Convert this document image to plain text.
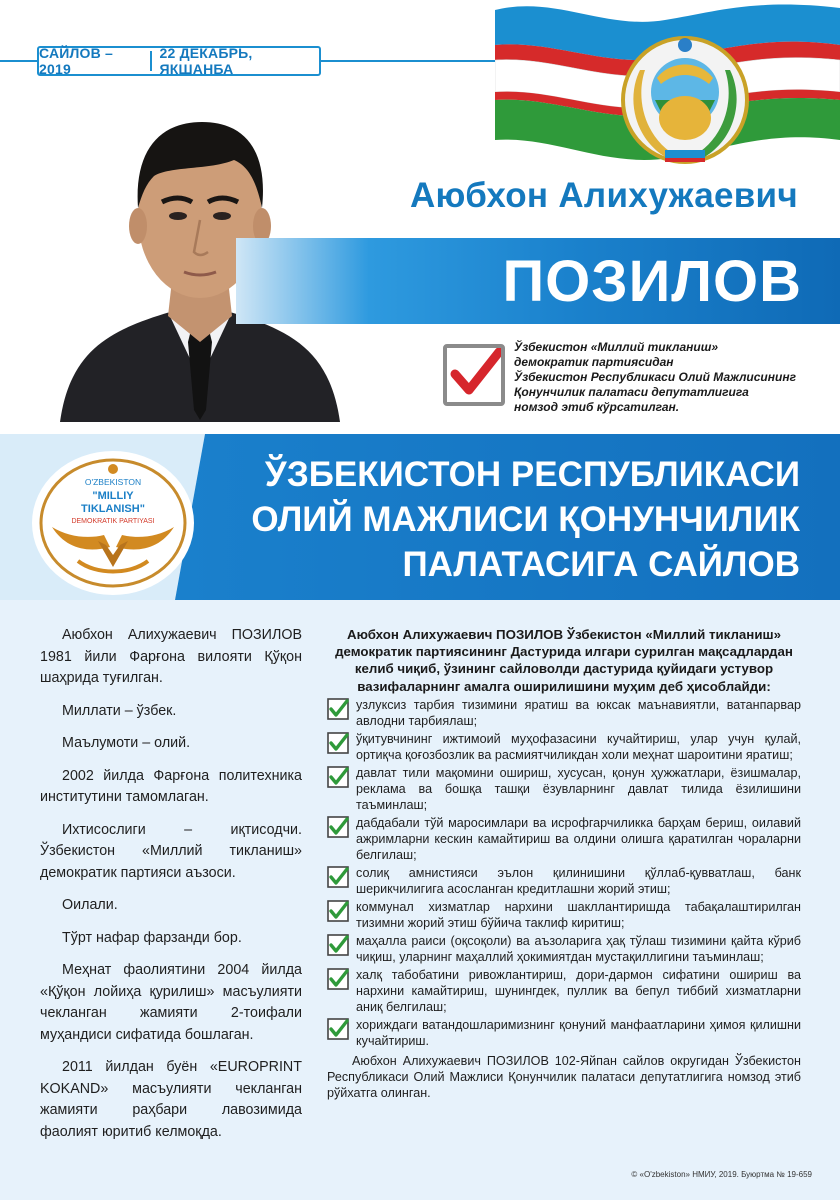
САЙЛОВ – 2019
22 ДЕКАБРЬ, ЯКШАНБА
Аюбхон Алихужаевич
ПОЗИЛОВ
Ўзбекистон «Миллий тикланиш»
демократик партиясидан
Ўзбекистон Республикаси Олий Мажлисининг
Қонунчилик палатаси депутатлигига
номзод этиб кўрсатилган.
ЎЗБЕКИСТОН РЕСПУБЛИКАСИ
ОЛИЙ МАЖЛИСИ ҚОНУНЧИЛИК
ПАЛАТАСИГА САЙЛОВ
O'ZBEKISTON
"MILLIY
TIKLANISH"
DEMOKRATIK PARTIYASI

Аюбхон Алихужаевич ПОЗИЛОВ 1981 йили Фарғона вилояти Қўқон шаҳрида туғилган.

Миллати – ўзбек.

Маълумоти – олий.

2002 йилда Фарғона политехника институтини тамомлаган.

Ихтисослиги – иқтисодчи. Ўзбекистон «Миллий тикланиш» демократик партияси аъзоси.

Оилали.

Тўрт нафар фарзанди бор.

Меҳнат фаолиятини 2004 йилда «Қўқон лойиҳа қурилиш» масъулияти чекланган жамияти 2-тоифали муҳандиси сифатида бошлаган.

2011 йилдан буён «EUROPRINT KOKAND» масъулияти чекланган жамияти раҳбари лавозимида фаолият юритиб келмоқда.

Аюбхон Алихужаевич ПОЗИЛОВ Ўзбекистон «Миллий тикланиш» демократик партиясининг Дастурида илгари сурилган мақсадлардан келиб чиқиб, ўзининг сайловолди дастурида қуйидаги устувор вазифаларнинг амалга оширилишини муҳим деб ҳисоблайди:

узлуксиз тарбия тизимини яратиш ва юксак маънавиятли, ватанпарвар авлодни тарбиялаш;
ўқитувчининг ижтимоий муҳофазасини кучайтириш, улар учун қулай, ортиқча қоғозбозлик ва расмиятчиликдан холи меҳнат шароитини яратиш;
давлат тили мақомини ошириш, хусусан, қонун ҳужжатлари, ёзишмалар, реклама ва бошқа ташқи ёзувларнинг давлат тилида ёзилишини таъминлаш;
дабдабали тўй маросимлари ва исрофгарчиликка барҳам бериш, оилавий ажримларни кескин камайтириш ва олдини олишга қаратилган чораларни белгилаш;
солиқ амнистияси эълон қилинишини қўллаб-қувватлаш, банк шерикчилигига асосланган кредитлашни жорий этиш;
коммунал хизматлар нархини шакллантиришда табақалаштирилган тизимни жорий этиш бўйича таклиф киритиш;
маҳалла раиси (оқсоқоли) ва аъзоларига ҳақ тўлаш тизимини қайта кўриб чиқиш, уларнинг маҳаллий ҳокимиятдан мустақиллигини таъминлаш;
халқ табобатини ривожлантириш, дори-дармон сифатини ошириш ва нархини камайтириш, шунингдек, пуллик ва бепул тиббий хизматларни аниқ белгилаш;
хориждаги ватандошларимизнинг қонуний манфаатларини ҳимоя қилишни кучайтириш.

Аюбхон Алихужаевич ПОЗИЛОВ 102-Яйпан сайлов округидан Ўзбекистон Республикаси Олий Мажлиси Қонунчилик палатаси депутатлигига номзод этиб рўйхатга олинган.

© «O'zbekiston» НМИУ, 2019. Буюртма № 19-659
